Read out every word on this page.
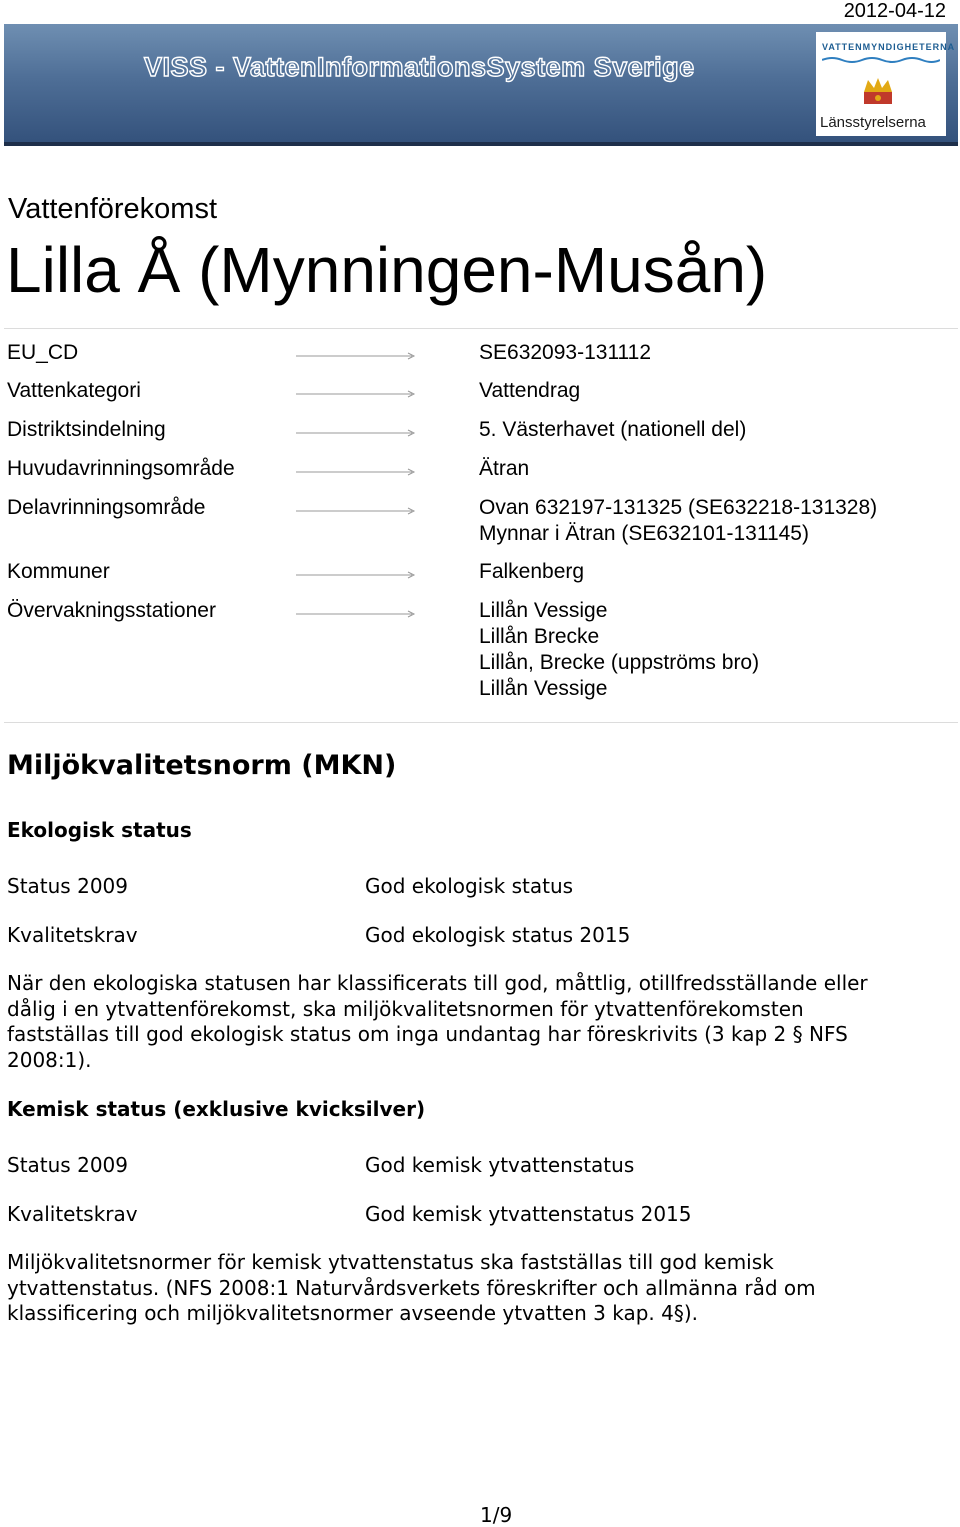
2012-04-12
VISS - VattenInformationsSystem Sverige
VATTENMYNDIGHETERNA
Länsstyrelserna
Vattenförekomst
Lilla Å (Mynningen-Musån)
EU_CD	SE632093-131112
Vattenkategori	Vattendrag
Distriktsindelning	5. Västerhavet (nationell del)
Huvudavrinningsområde	Ätran
Delavrinningsområde	Ovan 632197-131325 (SE632218-131328)
Mynnar i Ätran (SE632101-131145)
Kommuner	Falkenberg
Övervakningsstationer	Lillån Vessige
Lillån Brecke
Lillån, Brecke (uppströms bro)
Lillån Vessige
Miljökvalitetsnorm (MKN)
Ekologisk status
Status 2009	God ekologisk status
Kvalitetskrav	God ekologisk status 2015
När den ekologiska statusen har klassificerats till god, måttlig, otillfredsställande eller
dålig i en ytvattenförekomst, ska miljökvalitetsnormen för ytvattenförekomsten
fastställas till god ekologisk status om inga undantag har föreskrivits (3 kap 2 § NFS
2008:1).
Kemisk status (exklusive kvicksilver)
Status 2009	God kemisk ytvattenstatus
Kvalitetskrav	God kemisk ytvattenstatus 2015
Miljökvalitetsnormer för kemisk ytvattenstatus ska fastställas till god kemisk
ytvattenstatus. (NFS 2008:1 Naturvårdsverkets föreskrifter och allmänna råd om
klassificering och miljökvalitetsnormer avseende ytvatten 3 kap. 4§).
1/9
